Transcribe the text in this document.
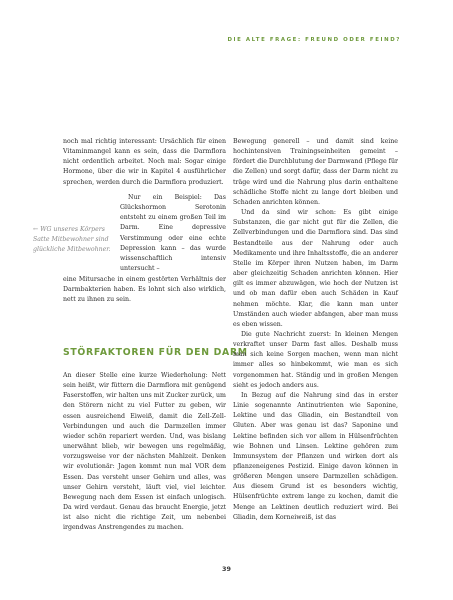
DIE ALTE FRAGE: FREUND ODER FEIND?

noch mal richtig interessant: Ursächlich für einen Vitaminmangel kann es sein, dass die Darmflora nicht ordentlich arbeitet. Noch mal: Sogar einige Hormone, über die wir in Kapitel 4 ausführlicher sprechen, werden durch die Darmflora produziert.

Nur ein Beispiel: Das Glückshormon Serotonin entsteht zu einem großen Teil im Darm. Eine depressive Verstimmung oder eine echte Depression kann – das wurde wissenschaftlich intensiv untersucht –

← WG unseres Körpers
Satte Mitbewohner sind glückliche Mitbewohner.

eine Mitursache in einem gestörten Verhältnis der Darmbakterien haben. Es lohnt sich also wirklich, nett zu ihnen zu sein.

STÖRFAKTOREN FÜR DEN DARM

An dieser Stelle eine kurze Wiederholung: Nett sein heißt, wir füttern die Darmflora mit genügend Faserstoffen, wir halten uns mit Zucker zurück, um den Störern nicht zu viel Futter zu geben, wir essen ausreichend Eiweiß, damit die Zell-Zell-Verbindungen und auch die Darmzellen immer wieder schön repariert werden. Und, was bislang unerwähnt blieb, wir bewegen uns regelmäßig, vorzugsweise vor der nächsten Mahlzeit. Denken wir evolutionär: Jagen kommt nun mal VOR dem Essen. Das versteht unser Gehirn und alles, was unser Gehirn versteht, läuft viel, viel leichter. Bewegung nach dem Essen ist einfach unlogisch. Da wird verdaut. Genau das braucht Energie, jetzt ist also nicht die richtige Zeit, um nebenbei irgendwas Anstrengendes zu machen.

Bewegung generell – und damit sind keine hochintensiven Trainingseinheiten gemeint – fördert die Durchblutung der Darmwand (Pflege für die Zellen) und sorgt dafür, dass der Darm nicht zu träge wird und die Nahrung plus darin enthaltene schädliche Stoffe nicht zu lange dort bleiben und Schaden anrichten können.

Und da sind wir schon: Es gibt einige Substanzen, die gar nicht gut für die Zellen, die Zellverbindungen und die Darmflora sind. Das sind Bestandteile aus der Nahrung oder auch Medikamente und ihre Inhaltsstoffe, die an anderer Stelle im Körper ihren Nutzen haben, im Darm aber gleichzeitig Schaden anrichten können. Hier gilt es immer abzuwägen, wie hoch der Nutzen ist und ob man dafür eben auch Schäden in Kauf nehmen möchte. Klar, die kann man unter Umständen auch wieder abfangen, aber man muss es eben wissen.

Die gute Nachricht zuerst: In kleinen Mengen verkraftet unser Darm fast alles. Deshalb muss man sich keine Sorgen machen, wenn man nicht immer alles so hinbekommt, wie man es sich vorgenommen hat. Ständig und in großen Mengen sieht es jedoch anders aus.

In Bezug auf die Nahrung sind das in erster Linie sogenannte Antinutrienten wie Saponine, Lektine und das Gliadin, ein Bestandteil von Gluten. Aber was genau ist das? Saponine und Lektine befinden sich vor allem in Hülsenfrüchten wie Bohnen und Linsen. Lektine gehören zum Immunsystem der Pflanzen und wirken dort als pflanzeneigenes Pestizid. Einige davon können in größeren Mengen unsere Darmzellen schädigen. Aus diesem Grund ist es besonders wichtig, Hülsenfrüchte extrem lange zu kochen, damit die Menge an Lektinen deutlich reduziert wird. Bei Gliadin, dem Korneiweiß, ist das

39
